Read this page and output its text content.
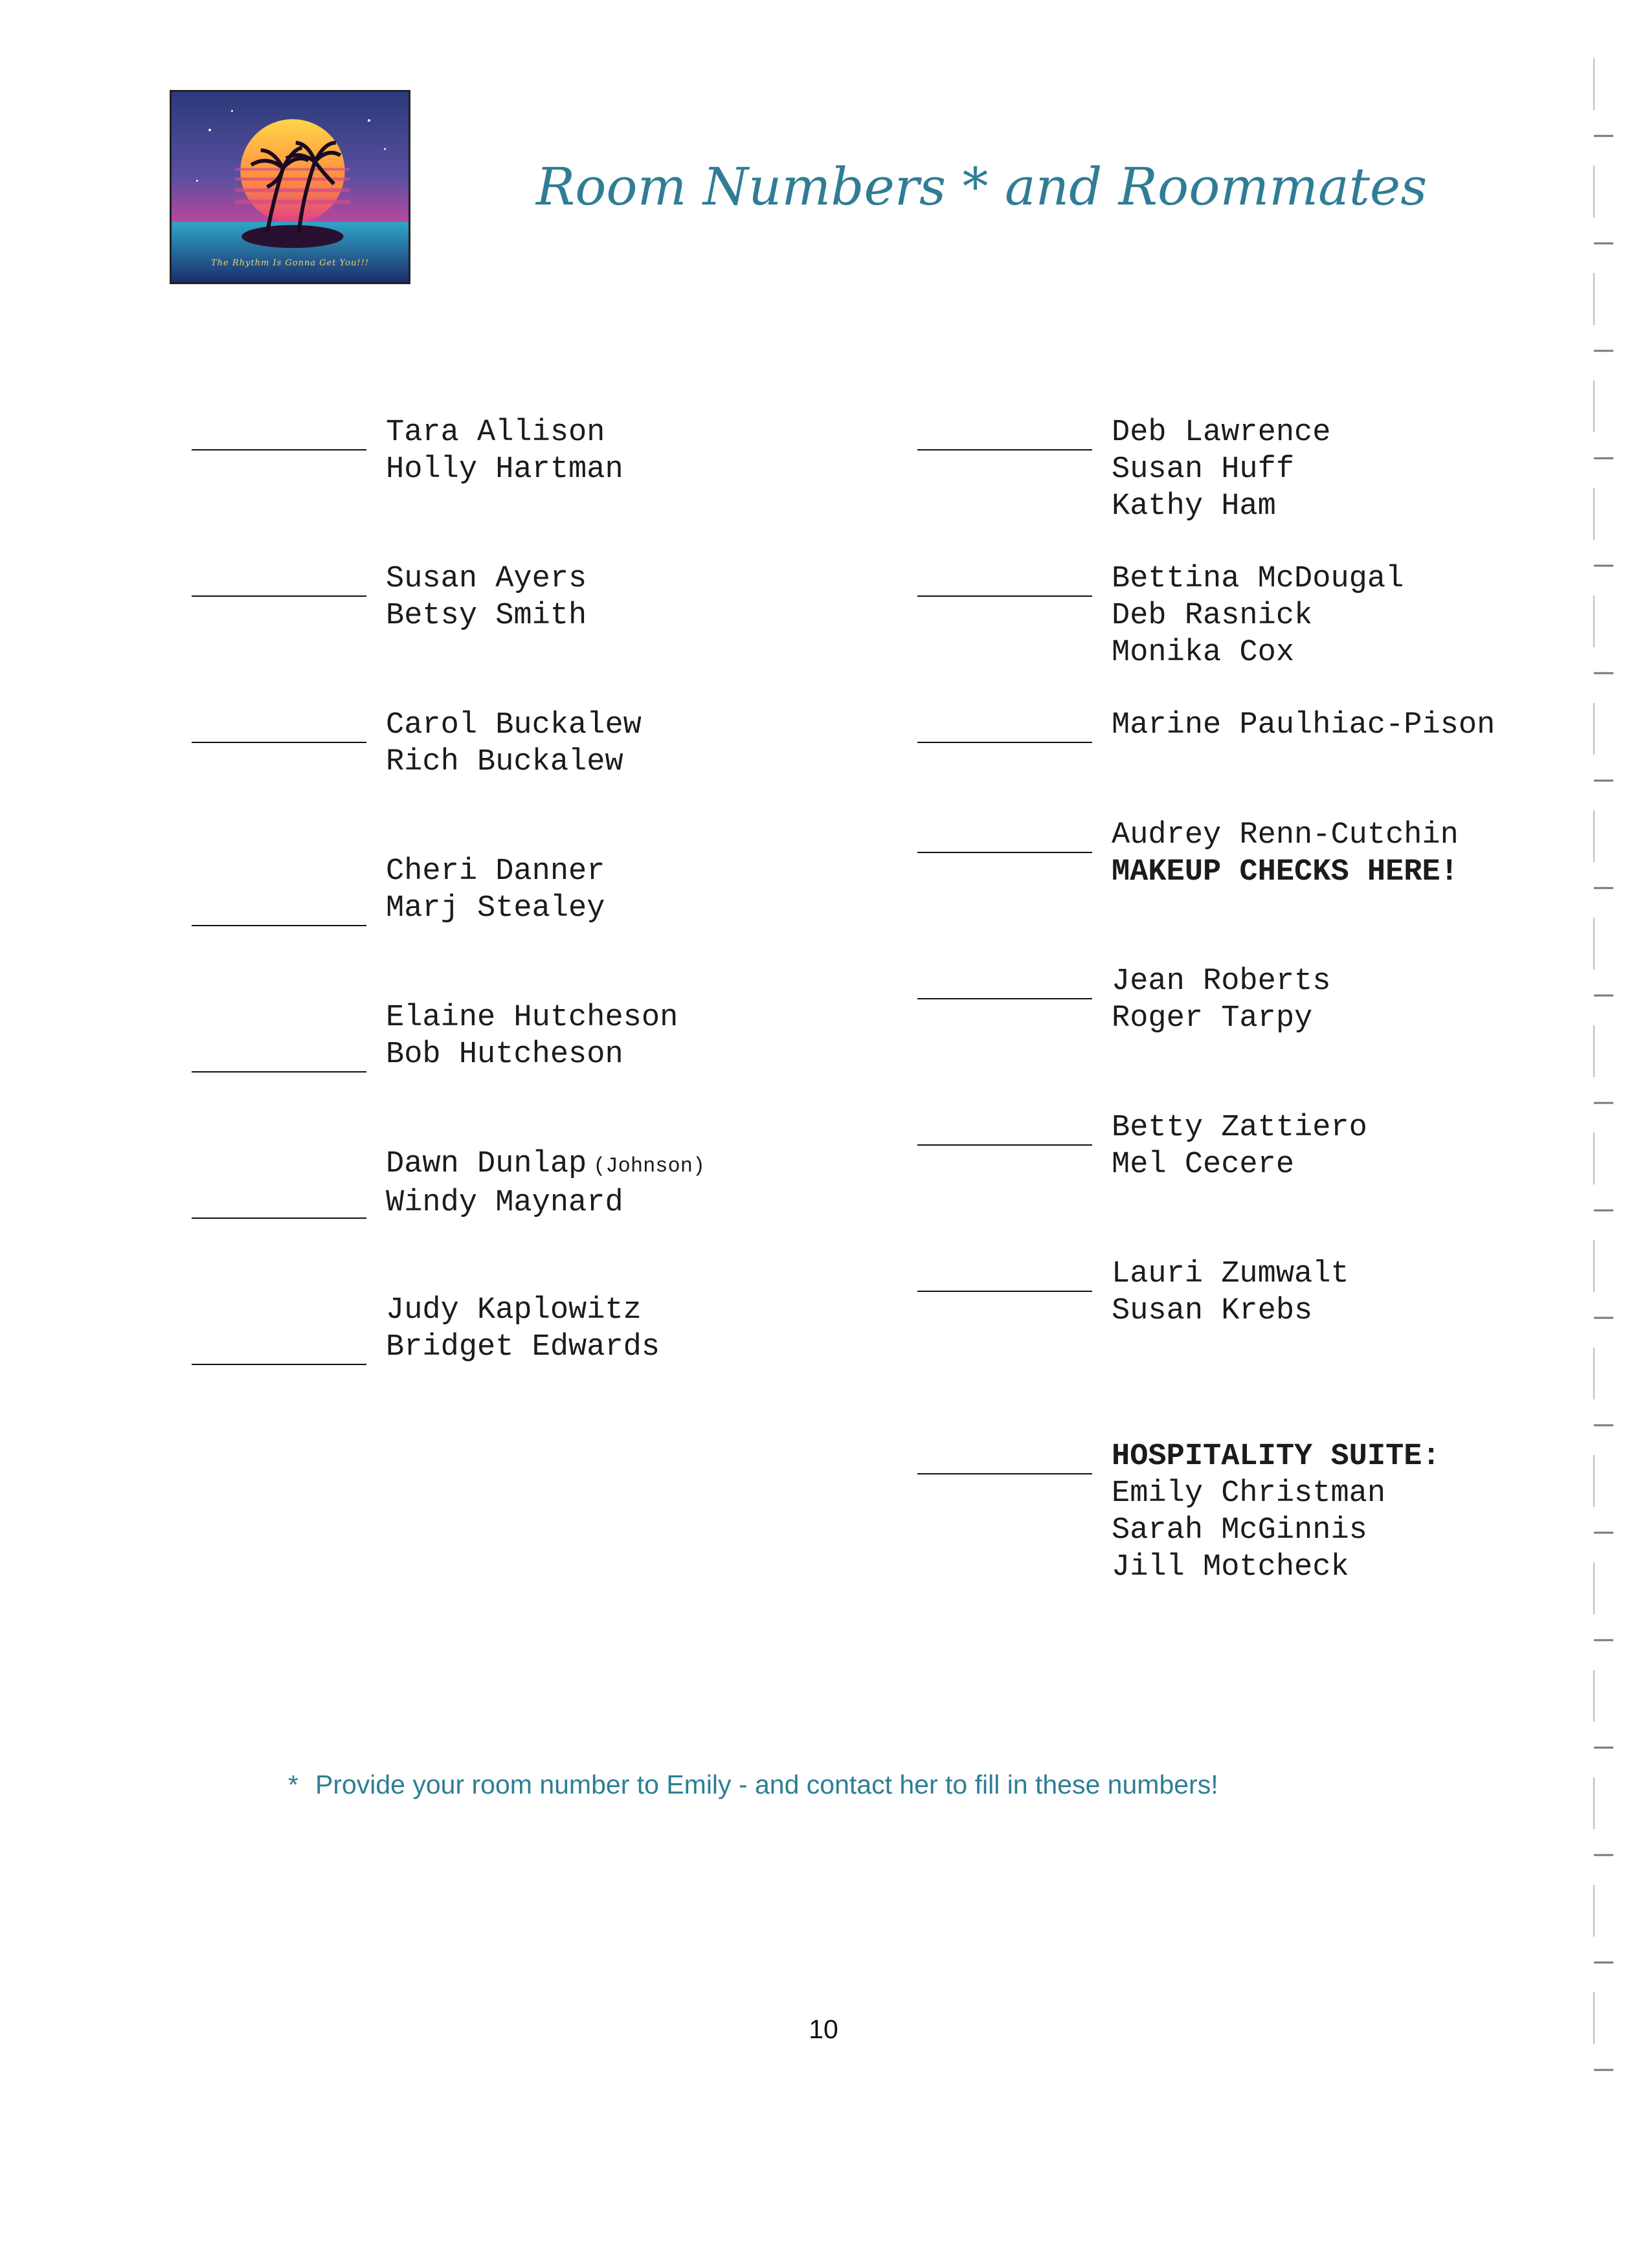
The Rhythm Is Gonna Get You!!!
Room Numbers * and Roommates
Tara Allison
Holly Hartman
Susan Ayers
Betsy Smith
Carol Buckalew
Rich Buckalew
Cheri Danner
Marj Stealey
Elaine Hutcheson
Bob Hutcheson
Dawn Dunlap (Johnson)
Windy Maynard
Judy Kaplowitz
Bridget Edwards
Deb Lawrence
Susan Huff
Kathy Ham
Bettina McDougal
Deb Rasnick
Monika Cox
Marine Paulhiac-Pison
Audrey Renn-Cutchin
MAKEUP CHECKS HERE!
Jean Roberts
Roger Tarpy
Betty Zattiero
Mel Cecere
Lauri Zumwalt
Susan Krebs
HOSPITALITY SUITE:
Emily Christman
Sarah McGinnis
Jill Motcheck
* Provide your room number to Emily - and contact her to fill in these numbers!
10
